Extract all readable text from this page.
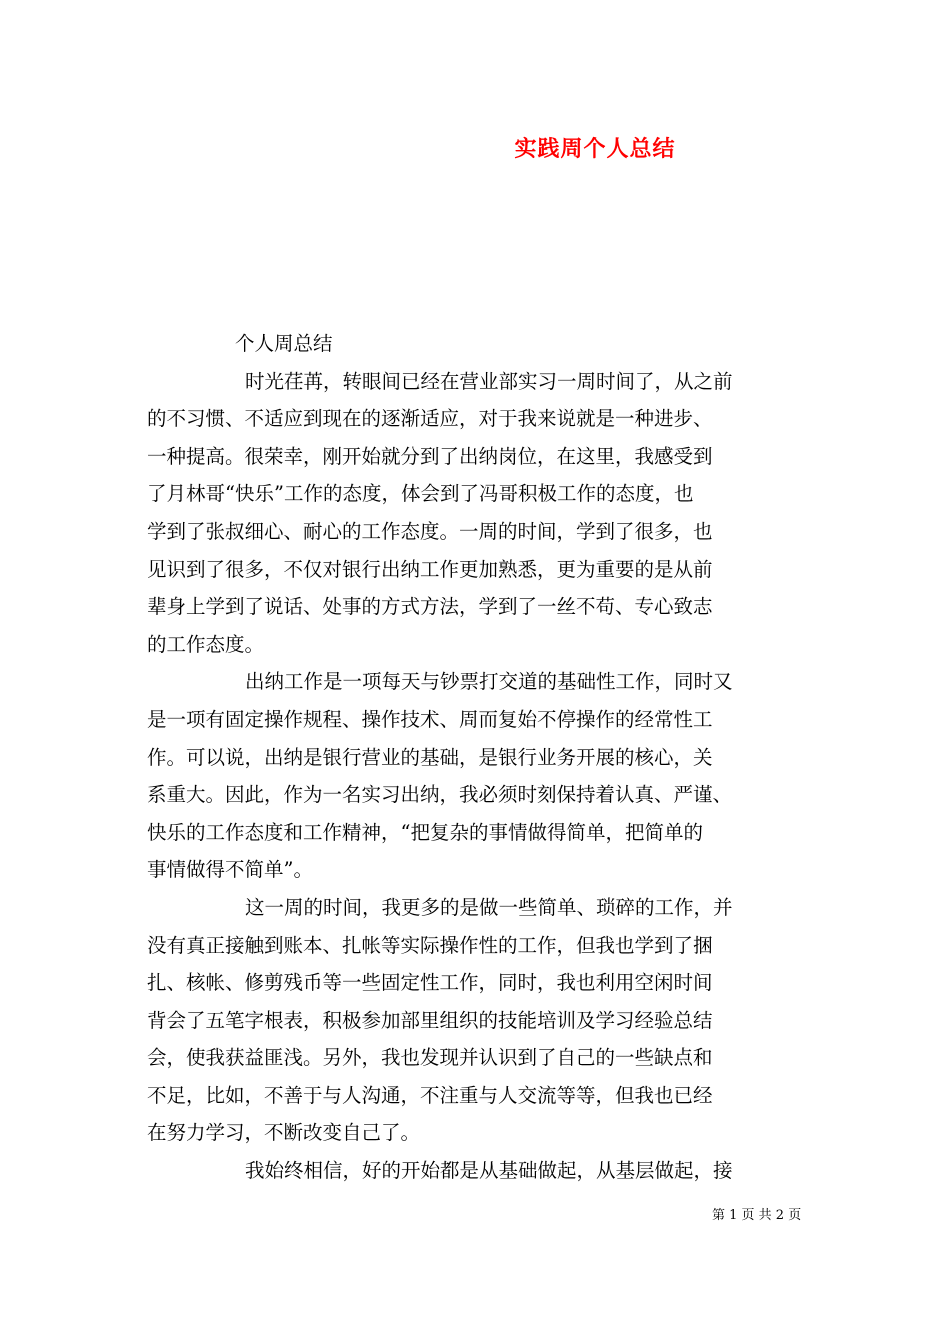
实践周个人总结
个人周总结
时光荏苒，转眼间已经在营业部实习一周时间了，从之前
的不习惯、不适应到现在的逐渐适应，对于我来说就是一种进步、
一种提高。很荣幸，刚开始就分到了出纳岗位，在这里，我感受到
了月林哥“快乐”工作的态度，体会到了冯哥积极工作的态度，也
学到了张叔细心、耐心的工作态度。一周的时间，学到了很多，也
见识到了很多，不仅对银行出纳工作更加熟悉，更为重要的是从前
辈身上学到了说话、处事的方式方法，学到了一丝不苟、专心致志
的工作态度。
出纳工作是一项每天与钞票打交道的基础性工作，同时又
是一项有固定操作规程、操作技术、周而复始不停操作的经常性工
作。可以说，出纳是银行营业的基础，是银行业务开展的核心，关
系重大。因此，作为一名实习出纳，我必须时刻保持着认真、严谨、
快乐的工作态度和工作精神，“把复杂的事情做得简单，把简单的
事情做得不简单”。
这一周的时间，我更多的是做一些简单、琐碎的工作，并
没有真正接触到账本、扎帐等实际操作性的工作，但我也学到了捆
扎、核帐、修剪残币等一些固定性工作，同时，我也利用空闲时间
背会了五笔字根表，积极参加部里组织的技能培训及学习经验总结
会，使我获益匪浅。另外，我也发现并认识到了自己的一些缺点和
不足，比如，不善于与人沟通，不注重与人交流等等，但我也已经
在努力学习，不断改变自己了。
我始终相信，好的开始都是从基础做起，从基层做起，接
第 1 页 共 2 页
